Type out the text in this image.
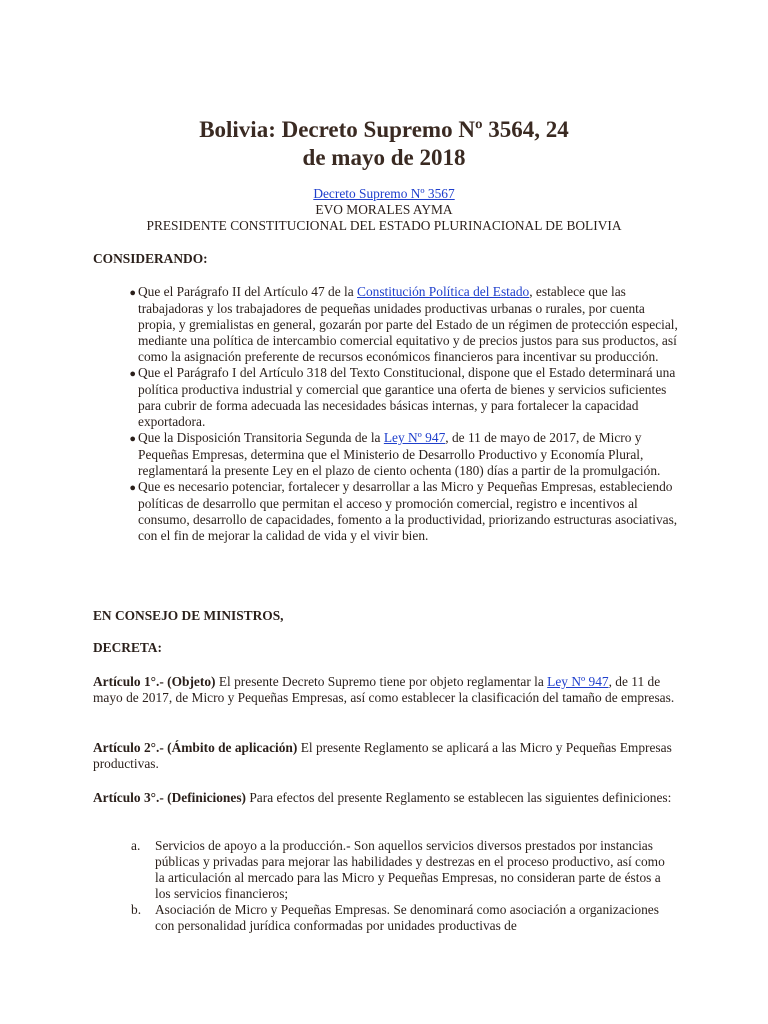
Bolivia: Decreto Supremo Nº 3564, 24
de mayo de 2018
Decreto Supremo Nº 3567
EVO MORALES AYMA
PRESIDENTE CONSTITUCIONAL DEL ESTADO PLURINACIONAL DE BOLIVIA
CONSIDERANDO:
● Que el Parágrafo II del Artículo 47 de la Constitución Política del Estado, establece que las trabajadoras y los trabajadores de pequeñas unidades productivas urbanas o rurales, por cuenta propia, y gremialistas en general, gozarán por parte del Estado de un régimen de protección especial, mediante una política de intercambio comercial equitativo y de precios justos para sus productos, así como la asignación preferente de recursos económicos financieros para incentivar su producción.
● Que el Parágrafo I del Artículo 318 del Texto Constitucional, dispone que el Estado determinará una política productiva industrial y comercial que garantice una oferta de bienes y servicios suficientes para cubrir de forma adecuada las necesidades básicas internas, y para fortalecer la capacidad exportadora.
● Que la Disposición Transitoria Segunda de la Ley Nº 947, de 11 de mayo de 2017, de Micro y Pequeñas Empresas, determina que el Ministerio de Desarrollo Productivo y Economía Plural, reglamentará la presente Ley en el plazo de ciento ochenta (180) días a partir de la promulgación.
● Que es necesario potenciar, fortalecer y desarrollar a las Micro y Pequeñas Empresas, estableciendo políticas de desarrollo que permitan el acceso y promoción comercial, registro e incentivos al consumo, desarrollo de capacidades, fomento a la productividad, priorizando estructuras asociativas, con el fin de mejorar la calidad de vida y el vivir bien.
EN CONSEJO DE MINISTROS,
DECRETA:

Artículo 1°.- (Objeto) El presente Decreto Supremo tiene por objeto reglamentar la Ley Nº 947, de 11 de mayo de 2017, de Micro y Pequeñas Empresas, así como establecer la clasificación del tamaño de empresas.

Artículo 2°.- (Ámbito de aplicación) El presente Reglamento se aplicará a las Micro y Pequeñas Empresas productivas.

Artículo 3°.- (Definiciones) Para efectos del presente Reglamento se establecen las siguientes definiciones:

a. Servicios de apoyo a la producción.- Son aquellos servicios diversos prestados por instancias públicas y privadas para mejorar las habilidades y destrezas en el proceso productivo, así como la articulación al mercado para las Micro y Pequeñas Empresas, no consideran parte de éstos a los servicios financieros;
b. Asociación de Micro y Pequeñas Empresas. Se denominará como asociación a organizaciones con personalidad jurídica conformadas por unidades productivas de
